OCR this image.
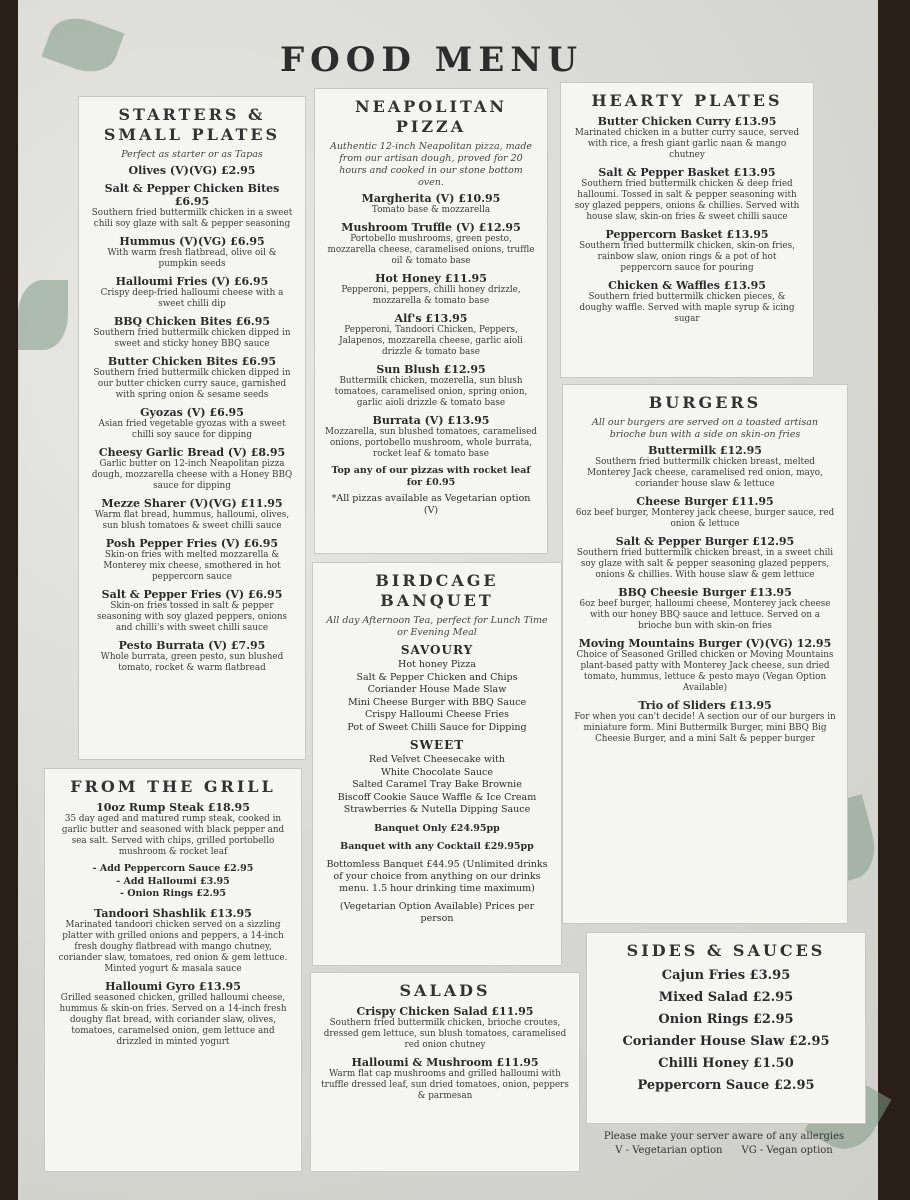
FOOD MENU
STARTERS & SMALL PLATES
Perfect as starter or as Tapas
Olives (V)(VG) £2.95
Salt & Pepper Chicken Bites £6.95
Southern fried buttermilk chicken in a sweet chili soy glaze with salt & pepper seasoning
Hummus (V)(VG) £6.95
With warm fresh flatbread, olive oil & pumpkin seeds
Halloumi Fries (V) £6.95
Crispy deep-fried halloumi cheese with a sweet chilli dip
BBQ Chicken Bites £6.95
Southern fried buttermilk chicken dipped in sweet and sticky honey BBQ sauce
Butter Chicken Bites £6.95
Southern fried buttermilk chicken dipped in our butter chicken curry sauce, garnished with spring onion & sesame seeds
Gyozas (V) £6.95
Asian fried vegetable gyozas with a sweet chilli soy sauce for dipping
Cheesy Garlic Bread (V) £8.95
Garlic butter on 12-inch Neapolitan pizza dough, mozzarella cheese with a Honey BBQ sauce for dipping
Mezze Sharer (V)(VG) £11.95
Warm flat bread, hummus, halloumi, olives, sun blush tomatoes & sweet chilli sauce
Posh Pepper Fries (V) £6.95
Skin-on fries with melted mozzarella & Monterey mix cheese, smothered in hot peppercorn sauce
Salt & Pepper Fries (V) £6.95
Skin-on fries tossed in salt & pepper seasoning with soy glazed peppers, onions and chilli's with sweet chilli sauce
Pesto Burrata (V) £7.95
Whole burrata, green pesto, sun blushed tomato, rocket & warm flatbread
NEAPOLITAN PIZZA
Authentic 12-inch Neapolitan pizza, made from our artisan dough, proved for 20 hours and cooked in our stone bottom oven.
Margherita (V) £10.95
Tomato base & mozzarella
Mushroom Truffle (V) £12.95
Portobello mushrooms, green pesto, mozzarella cheese, caramelised onions, truffle oil & tomato base
Hot Honey £11.95
Pepperoni, peppers, chilli honey drizzle, mozzarella & tomato base
Alf's £13.95
Pepperoni, Tandoori Chicken, Peppers, Jalapenos, mozzarella cheese, garlic aioli drizzle & tomato base
Sun Blush £12.95
Buttermilk chicken, mozerella, sun blush tomatoes, caramelised onion, spring onion, garlic aioli drizzle & tomato base
Burrata (V) £13.95
Mozzarella, sun blushed tomatoes, caramelised onions, portobello mushroom, whole burrata, rocket leaf & tomato base
Top any of our pizzas with rocket leaf for £0.95
*All pizzas available as Vegetarian option (V)
HEARTY PLATES
Butter Chicken Curry £13.95
Marinated chicken in a butter curry sauce, served with rice, a fresh giant garlic naan & mango chutney
Salt & Pepper Basket £13.95
Southern fried buttermilk chicken & deep fried halloumi. Tossed in salt & pepper seasoning with soy glazed peppers, onions & chillies. Served with house slaw, skin-on fries & sweet chilli sauce
Peppercorn Basket £13.95
Southern fried buttermilk chicken, skin-on fries, rainbow slaw, onion rings & a pot of hot peppercorn sauce for pouring
Chicken & Waffles £13.95
Southern fried buttermilk chicken pieces, & doughy waffle. Served with maple syrup & icing sugar
BURGERS
All our burgers are served on a toasted artisan brioche bun with a side on skin-on fries
Buttermilk £12.95
Southern fried buttermilk chicken breast, melted Monterey Jack cheese, caramelised red onion, mayo, coriander house slaw & lettuce
Cheese Burger £11.95
6oz beef burger, Monterey jack cheese, burger sauce, red onion & lettuce
Salt & Pepper Burger £12.95
Southern fried buttermilk chicken breast, in a sweet chili soy glaze with salt & pepper seasoning glazed peppers, onions & chillies. With house slaw & gem lettuce
BBQ Cheesie Burger £13.95
6oz beef burger, halloumi cheese, Monterey jack cheese with our honey BBQ sauce and lettuce. Served on a brioche bun with skin-on fries
Moving Mountains Burger (V)(VG) 12.95
Choice of Seasoned Grilled chicken or Moving Mountains plant-based patty with Monterey Jack cheese, sun dried tomato, hummus, lettuce & pesto mayo (Vegan Option Available)
Trio of Sliders £13.95
For when you can't decide! A section our of our burgers in miniature form. Mini Buttermilk Burger, mini BBQ Big Cheesie Burger, and a mini Salt & pepper burger
FROM THE GRILL
10oz Rump Steak £18.95
35 day aged and matured rump steak, cooked in garlic butter and seasoned with black pepper and sea salt. Served with chips, grilled portobello mushroom & rocket leaf
- Add Peppercorn Sauce £2.95
- Add Halloumi £3.95
- Onion Rings £2.95
Tandoori Shashlik £13.95
Marinated tandoori chicken served on a sizzling platter with grilled onions and peppers, a 14-inch fresh doughy flatbread with mango chutney, coriander slaw, tomatoes, red onion & gem lettuce. Minted yogurt & masala sauce
Halloumi Gyro £13.95
Grilled seasoned chicken, grilled halloumi cheese, hummus & skin-on fries. Served on a 14-inch fresh doughy flat bread, with coriander slaw, olives, tomatoes, caramelsed onion, gem lettuce and drizzled in minted yogurt
BIRDCAGE BANQUET
All day Afternoon Tea, perfect for Lunch Time or Evening Meal
SAVOURY
Hot honey Pizza
Salt & Pepper Chicken and Chips
Coriander House Made Slaw
Mini Cheese Burger with BBQ Sauce
Crispy Halloumi Cheese Fries
Pot of Sweet Chilli Sauce for Dipping
SWEET
Red Velvet Cheesecake with
White Chocolate Sauce
Salted Caramel Tray Bake Brownie
Biscoff Cookie Sauce Waffle & Ice Cream
Strawberries & Nutella Dipping Sauce
Banquet Only £24.95pp
Banquet with any Cocktail £29.95pp
Bottomless Banquet £44.95 (Unlimited drinks of your choice from anything on our drinks menu. 1.5 hour drinking time maximum)
(Vegetarian Option Available) Prices per person
SALADS
Crispy Chicken Salad £11.95
Southern fried buttermilk chicken, brioche croutes, dressed gem lettuce, sun blush tomatoes, caramelised red onion chutney
Halloumi & Mushroom £11.95
Warm flat cap mushrooms and grilled halloumi with truffle dressed leaf, sun dried tomatoes, onion, peppers & parmesan
SIDES & SAUCES
Cajun Fries £3.95
Mixed Salad £2.95
Onion Rings £2.95
Coriander House Slaw £2.95
Chilli Honey £1.50
Peppercorn Sauce £2.95
Please make your server aware of any allergies
V - Vegetarian option      VG - Vegan option
